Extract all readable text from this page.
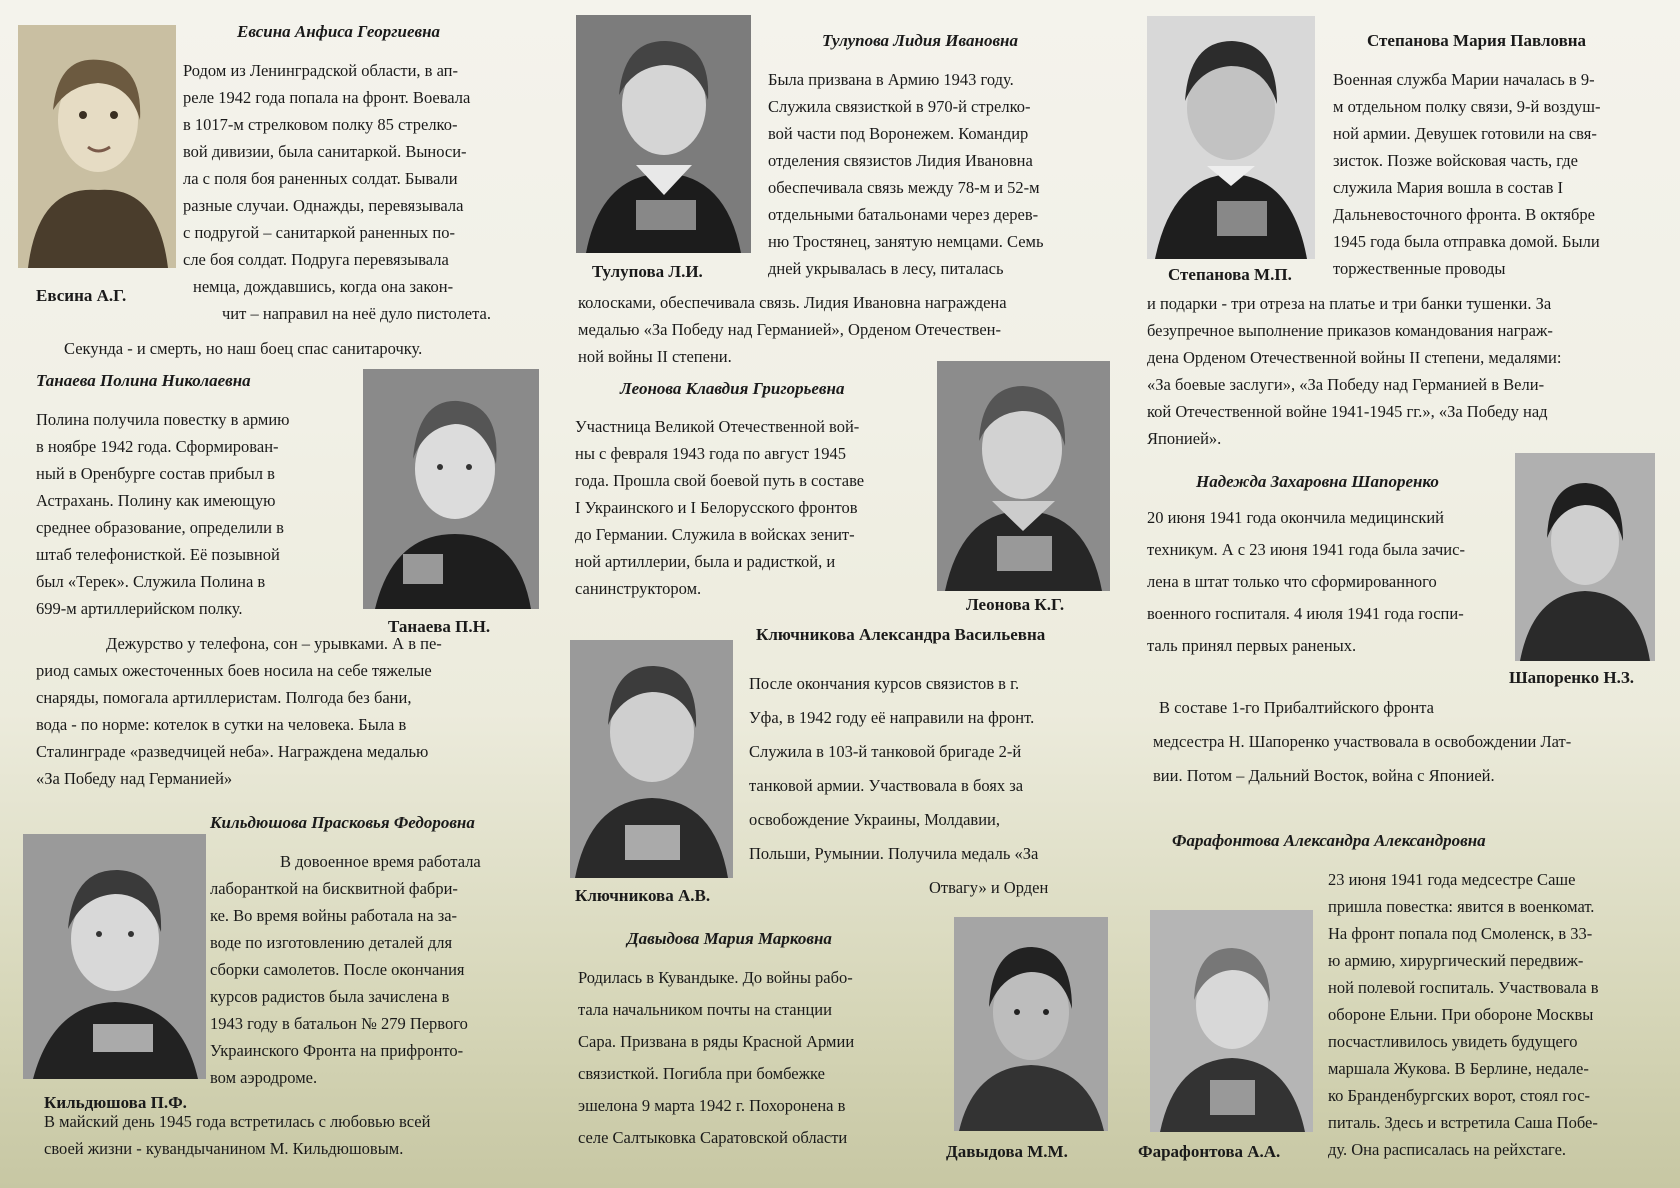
Евсина Анфиса Георгиевна
Родом из Ленинградской области, в ап-
реле 1942 года попала на фронт. Воевала
в 1017-м стрелковом полку 85 стрелко-
вой дивизии, была санитаркой. Выноси-
ла с поля боя раненных солдат. Бывали
разные случаи. Однажды, перевязывала
с подругой – санитаркой раненных по-
сле боя солдат. Подруга перевязывала
немца, дождавшись, когда она закон-
чит – направил на неё дуло пистолета.
Евсина А.Г.
Секунда - и смерть, но наш боец спас санитарочку.
Танаева Полина Николаевна
Полина получила повестку в армию
в ноябре 1942 года. Сформирован-
ный в Оренбурге состав прибыл в
Астрахань. Полину как имеющую
среднее образование, определили в
штаб телефонисткой. Её позывной
был «Терек». Служила Полина в
699-м артиллерийском полку.
Танаева П.Н.
Дежурство у телефона, сон – урывками. А в пе-
риод самых ожесточенных боев носила на себе тяжелые
снаряды, помогала артиллеристам. Полгода без бани,
вода - по норме: котелок в сутки на человека. Была в
Сталинграде «разведчицей неба». Награждена медалью
«За Победу над Германией»
Кильдюшова Прасковья Федоровна
В довоенное время работала
лаборанткой на бисквитной фабри-
ке. Во время войны работала на за-
воде по изготовлению деталей для
сборки самолетов. После окончания
курсов радистов была зачислена в
1943 году в батальон № 279 Первого
Украинского Фронта на прифронто-
вом аэродроме.
Кильдюшова П.Ф.
В майский день 1945 года встретилась с любовью всей
своей жизни - кувандычанином М. Кильдюшовым.
Тулупова Лидия Ивановна
Была призвана в Армию 1943 году.
Служила связисткой в 970-й стрелко-
вой части под Воронежем. Командир
отделения связистов Лидия Ивановна
обеспечивала связь между 78-м и 52-м
отдельными батальонами через дерев-
ню Тростянец, занятую немцами. Семь
дней укрывалась в лесу, питалась
Тулупова Л.И.
колосками, обеспечивала связь. Лидия Ивановна награждена
медалью «За Победу над Германией», Орденом Отечествен-
ной войны II степени.
Леонова Клавдия Григорьевна
Участница Великой Отечественной вой-
ны с февраля 1943 года по август 1945
года. Прошла свой боевой путь в составе
I Украинского и I Белорусского фронтов
до Германии. Служила в войсках зенит-
ной артиллерии, была и радисткой, и
санинструктором.
Леонова К.Г.
Ключникова Александра Васильевна
После окончания курсов связистов в г.
Уфа, в 1942 году её направили на фронт.
Служила в 103-й танковой бригаде 2-й
танковой армии. Участвовала в боях за
освобождение Украины, Молдавии,
Польши, Румынии. Получила медаль «За
Отвагу» и Орден
Ключникова А.В.
Давыдова Мария Марковна
Родилась в Кувандыке. До войны рабо-
тала начальником почты на станции
Сара. Призвана в ряды Красной Армии
связисткой. Погибла при бомбежке
эшелона 9 марта 1942 г. Похоронена в
селе Салтыковка Саратовской области
Давыдова М.М.
Степанова Мария Павловна
Военная служба Марии началась в 9-
м отдельном полку связи, 9-й воздуш-
ной армии. Девушек готовили на свя-
зисток. Позже войсковая часть, где
служила Мария вошла в состав I
Дальневосточного фронта. В октябре
1945 года была отправка домой. Были
торжественные проводы
Степанова М.П.
и подарки - три отреза на платье и три банки тушенки. За
безупречное выполнение приказов командования награж-
дена Орденом Отечественной войны II степени, медалями:
«За боевые заслуги», «За Победу над Германией в Вели-
кой Отечественной войне 1941-1945 гг.», «За Победу над
Японией».
Надежда Захаровна Шапоренко
20 июня 1941 года окончила медицинский
техникум. А с 23 июня 1941 года была зачис-
лена в штат только что сформированного
военного госпиталя. 4 июля 1941 года госпи-
таль принял первых раненых.
Шапоренко Н.З.
В составе 1-го Прибалтийского фронта
медсестра Н. Шапоренко участвовала в освобождении Лат-
вии. Потом – Дальний Восток, война с Японией.
Фарафонтова Александра Александровна
23 июня 1941 года медсестре Саше
пришла повестка: явится в военкомат.
На фронт попала под Смоленск, в 33-
ю армию, хирургический передвиж-
ной полевой госпиталь. Участвовала в
обороне Ельни. При обороне Москвы
посчастливилось увидеть будущего
маршала Жукова. В Берлине, недале-
ко Бранденбургских ворот, стоял гос-
питаль. Здесь и встретила Саша Побе-
ду. Она расписалась на рейхстаге.
Фарафонтова А.А.
